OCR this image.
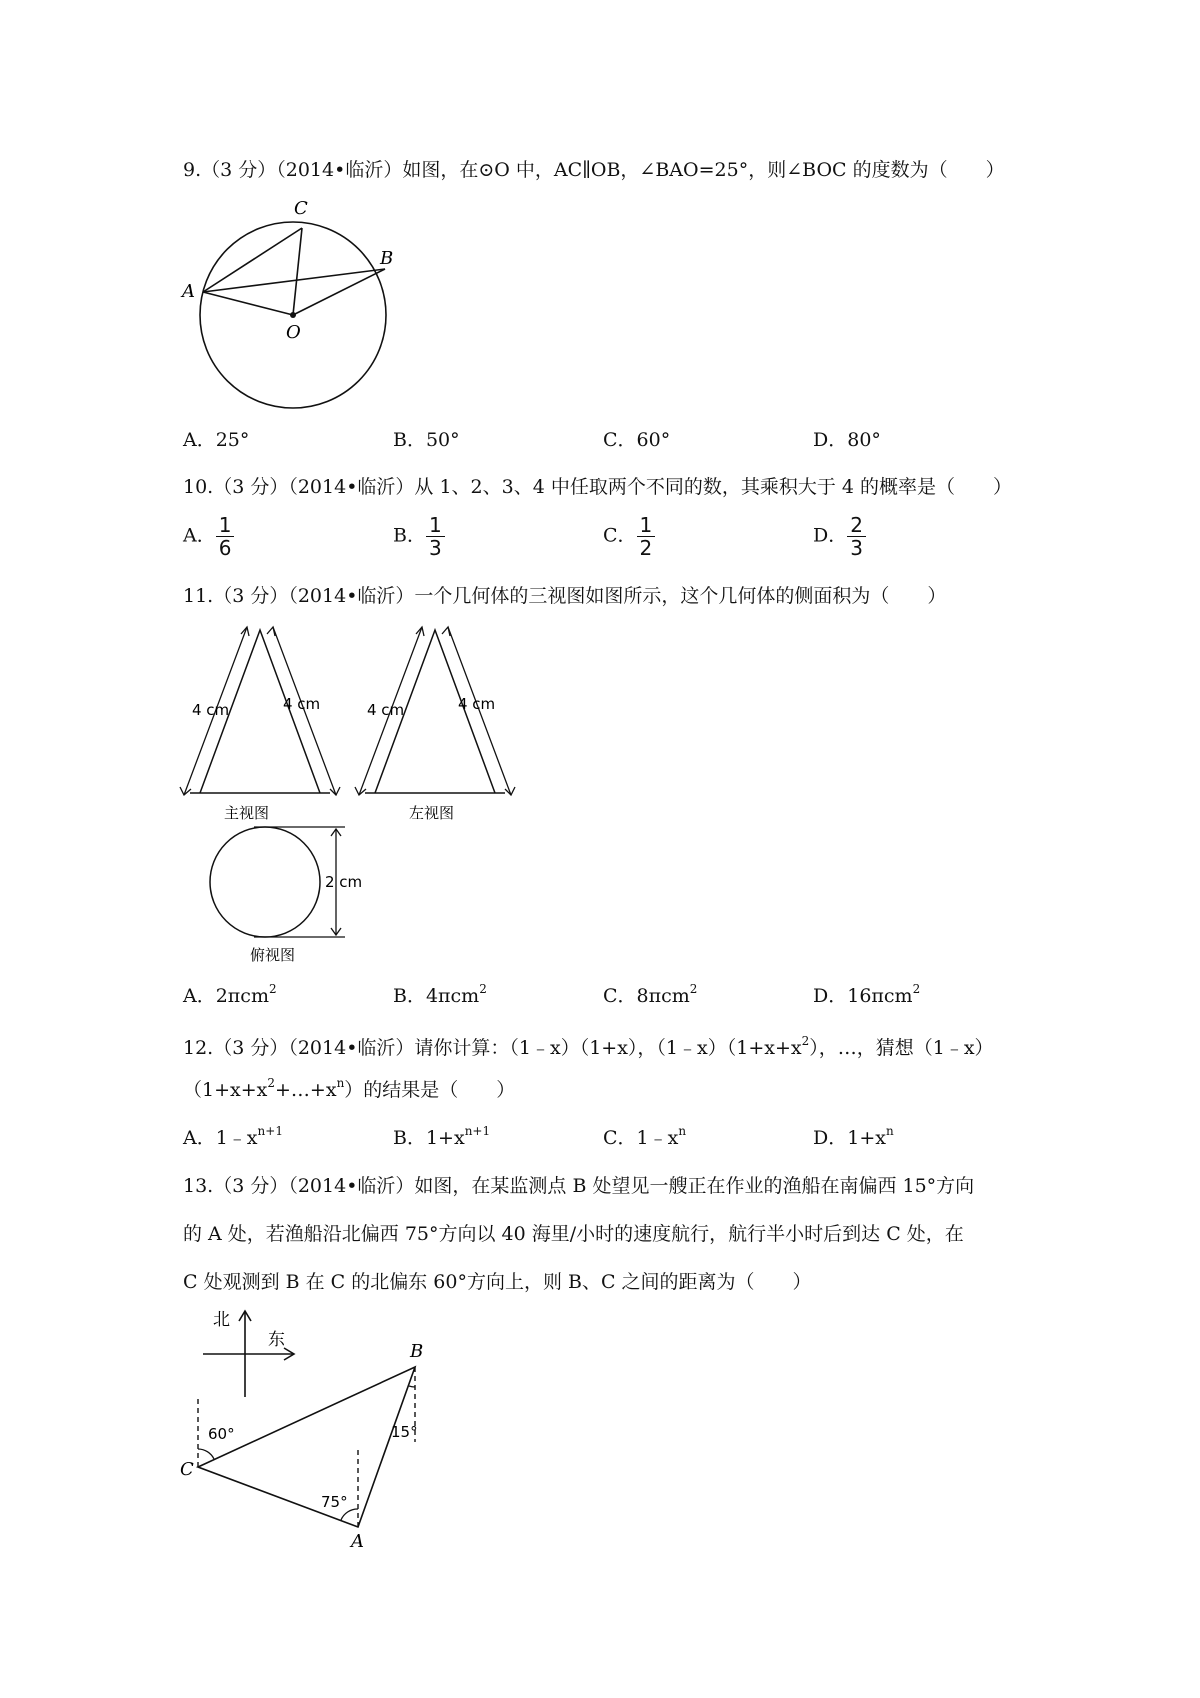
9.（3 分）（2014•临沂）如图，在⊙O 中，AC∥OB，∠BAO=25°，则∠BOC 的度数为（　　）
C
A
B
O
A．25°	B．50°	C．60°	D．80°
10.（3 分）（2014•临沂）从 1、2、3、4 中任取两个不同的数，其乘积大于 4 的概率是（　　）
A． $\frac{1}{6}$	B． $\frac{1}{3}$	C． $\frac{1}{2}$	D． $\frac{2}{3}$
11.（3 分）（2014•临沂）一个几何体的三视图如图所示，这个几何体的侧面积为（　　）
4 cm	4 cm
主视图
4 cm	4 cm
左视图
2 cm
俯视图
A．2πcm$^2$	B．4πcm$^2$	C．8πcm$^2$	D．16πcm$^2$
12.（3 分）（2014•临沂）请你计算：（1﹣x）（1+x），$(1﹣x)(1+x+x^2)$，…，猜想（1﹣x）
$(1+x+x^2+\dots+x^n)$的结果是（　　）
A．$1﹣x^{n+1}$	B．$1+x^{n+1}$	C．$1﹣x^n$	D．$1+x^n$
13.（3 分）（2014•临沂）如图，在某监测点 B 处望见一艘正在作业的渔船在南偏西 15°方向
的 A 处，若渔船沿北偏西 75°方向以 40 海里/小时的速度航行，航行半小时后到达 C 处，在
C 处观测到 B 在 C 的北偏东 60°方向上，则 B、C 之间的距离为（　　）
北
东
60°
75°
15°
B
C
A
